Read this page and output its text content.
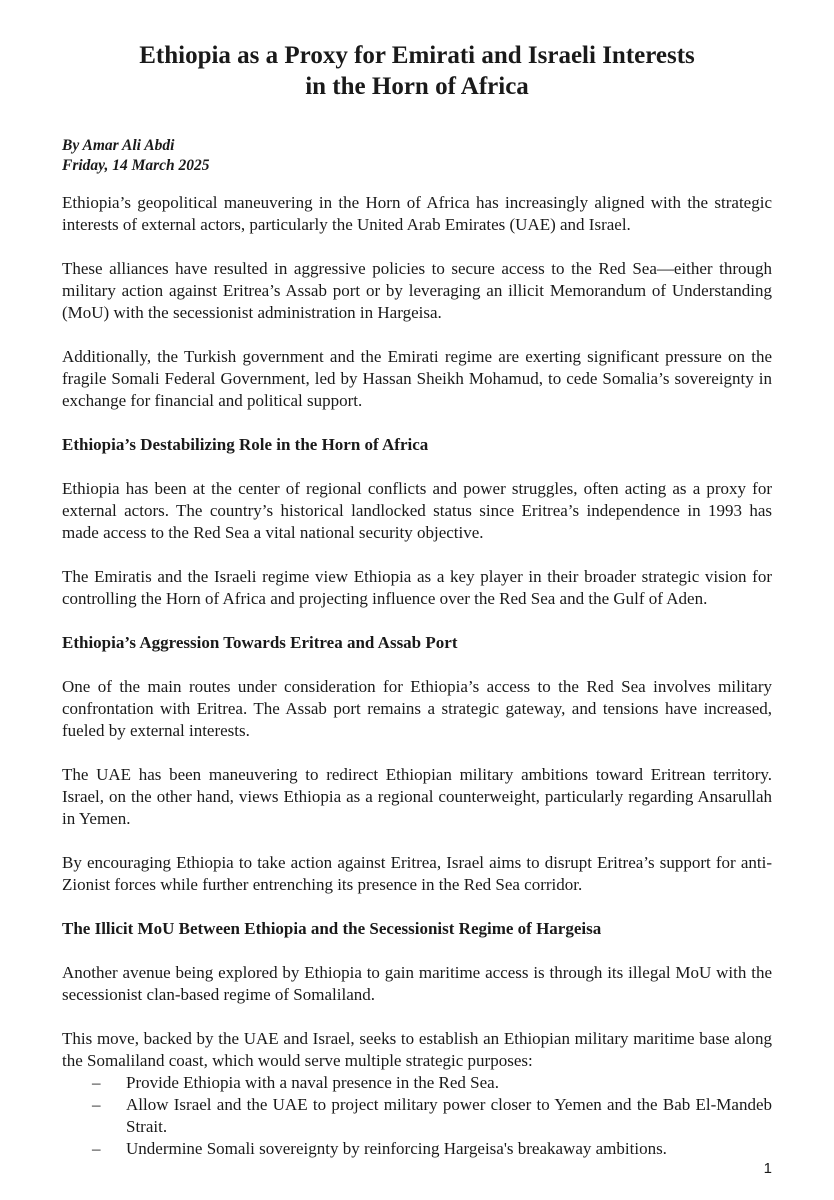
Ethiopia as a Proxy for Emirati and Israeli Interests
in the Horn of Africa
By Amar Ali Abdi
Friday, 14 March 2025

Ethiopia’s geopolitical maneuvering in the Horn of Africa has increasingly aligned with the strategic interests of external actors, particularly the United Arab Emirates (UAE) and Israel.

These alliances have resulted in aggressive policies to secure access to the Red Sea—either through military action against Eritrea’s Assab port or by leveraging an illicit Memorandum of Understanding (MoU) with the secessionist administration in Hargeisa.

Additionally, the Turkish government and the Emirati regime are exerting significant pressure on the fragile Somali Federal Government, led by Hassan Sheikh Mohamud, to cede Somalia’s sovereignty in exchange for financial and political support.

Ethiopia’s Destabilizing Role in the Horn of Africa

Ethiopia has been at the center of regional conflicts and power struggles, often acting as a proxy for external actors. The country’s historical landlocked status since Eritrea’s independence in 1993 has made access to the Red Sea a vital national security objective.

The Emiratis and the Israeli regime view Ethiopia as a key player in their broader strategic vision for controlling the Horn of Africa and projecting influence over the Red Sea and the Gulf of Aden.

Ethiopia’s Aggression Towards Eritrea and Assab Port

One of the main routes under consideration for Ethiopia’s access to the Red Sea involves military confrontation with Eritrea. The Assab port remains a strategic gateway, and tensions have increased, fueled by external interests.

The UAE has been maneuvering to redirect Ethiopian military ambitions toward Eritrean territory. Israel, on the other hand, views Ethiopia as a regional counterweight, particularly regarding Ansarullah in Yemen.

By encouraging Ethiopia to take action against Eritrea, Israel aims to disrupt Eritrea’s support for anti-Zionist forces while further entrenching its presence in the Red Sea corridor.

The Illicit MoU Between Ethiopia and the Secessionist Regime of Hargeisa

Another avenue being explored by Ethiopia to gain maritime access is through its illegal MoU with the secessionist clan-based regime of Somaliland.

This move, backed by the UAE and Israel, seeks to establish an Ethiopian military maritime base along the Somaliland coast, which would serve multiple strategic purposes:

– Provide Ethiopia with a naval presence in the Red Sea.
– Allow Israel and the UAE to project military power closer to Yemen and the Bab El-Mandeb Strait.
– Undermine Somali sovereignty by reinforcing Hargeisa's breakaway ambitions.
1
